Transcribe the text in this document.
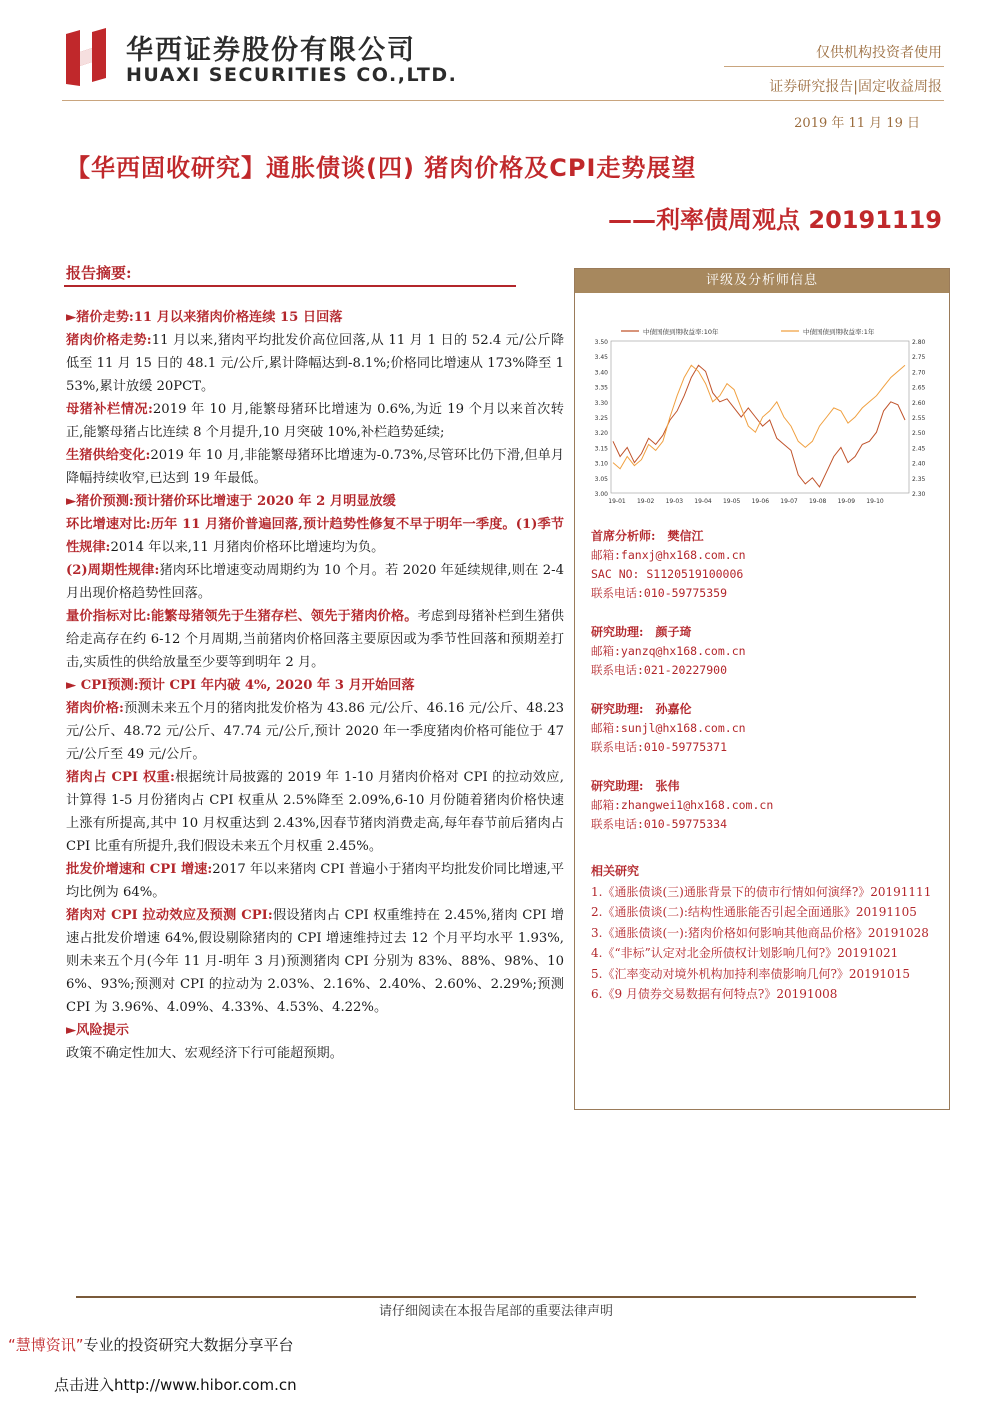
华西证券股份有限公司
HUAXI SECURITIES CO.,LTD.
仅供机构投资者使用
证券研究报告|固定收益周报
2019 年 11 月 19 日
【华西固收研究】通胀债谈(四) 猪肉价格及CPI走势展望
——利率债周观点 20191119
报告摘要:

►猪价走势:11 月以来猪肉价格连续 15 日回落

猪肉价格走势:11 月以来,猪肉平均批发价高位回落,从 11 月 1 日的 52.4 元/公斤降低至 11 月 15 日的 48.1 元/公斤,累计降幅达到-8.1%;价格同比增速从 173%降至 153%,累计放缓 20PCT。

母猪补栏情况:2019 年 10 月,能繁母猪环比增速为 0.6%,为近 19 个月以来首次转正,能繁母猪占比连续 8 个月提升,10 月突破 10%,补栏趋势延续;

生猪供给变化:2019 年 10 月,非能繁母猪环比增速为-0.73%,尽管环比仍下滑,但单月降幅持续收窄,已达到 19 年最低。

►猪价预测:预计猪价环比增速于 2020 年 2 月明显放缓

环比增速对比:历年 11 月猪价普遍回落,预计趋势性修复不早于明年一季度。(1)季节性规律:2014 年以来,11 月猪肉价格环比增速均为负。

(2)周期性规律:猪肉环比增速变动周期约为 10 个月。若 2020 年延续规律,则在 2-4 月出现价格趋势性回落。

量价指标对比:能繁母猪领先于生猪存栏、领先于猪肉价格。考虑到母猪补栏到生猪供给走高存在约 6-12 个月周期,当前猪肉价格回落主要原因或为季节性回落和预期差打击,实质性的供给放量至少要等到明年 2 月。

► CPI预测:预计 CPI 年内破 4%, 2020 年 3 月开始回落

猪肉价格:预测未来五个月的猪肉批发价格为 43.86 元/公斤、46.16 元/公斤、48.23 元/公斤、48.72 元/公斤、47.74 元/公斤,预计 2020 年一季度猪肉价格可能位于 47 元/公斤至 49 元/公斤。

猪肉占 CPI 权重:根据统计局披露的 2019 年 1-10 月猪肉价格对 CPI 的拉动效应,计算得 1-5 月份猪肉占 CPI 权重从 2.5%降至 2.09%,6-10 月份随着猪肉价格快速上涨有所提高,其中 10 月权重达到 2.43%,因春节猪肉消费走高,每年春节前后猪肉占 CPI 比重有所提升,我们假设未来五个月权重 2.45%。

批发价增速和 CPI 增速:2017 年以来猪肉 CPI 普遍小于猪肉平均批发价同比增速,平均比例为 64%。

猪肉对 CPI 拉动效应及预测 CPI:假设猪肉占 CPI 权重维持在 2.45%,猪肉 CPI 增速占批发价增速 64%,假设剔除猪肉的 CPI 增速维持过去 12 个月平均水平 1.93%,则未来五个月(今年 11 月-明年 3 月)预测猪肉 CPI 分别为 83%、88%、98%、106%、93%;预测对 CPI 的拉动为 2.03%、2.16%、2.40%、2.60%、2.29%;预测 CPI 为 3.96%、4.09%、4.33%、4.53%、4.22%。

►风险提示

政策不确定性加大、宏观经济下行可能超预期。

评级及分析师信息
3.50
3.45
3.40
3.35
3.30
3.25
3.20
3.15
3.10
3.05
3.00
2.80
2.75
2.70
2.65
2.60
2.55
2.50
2.45
2.40
2.35
2.30
19-01 19-02 19-03 19-04 19-05 19-06 19-07 19-08 19-09 19-10
中债国债到期收益率:10年	中债国债到期收益率:1年
首席分析师: 樊信江
邮箱:fanxj@hx168.com.cn
SAC NO: S1120519100006
联系电话:010-59775359
研究助理: 颜子琦
邮箱:yanzq@hx168.com.cn
联系电话:021-20227900
研究助理: 孙嘉伦
邮箱:sunjl@hx168.com.cn
联系电话:010-59775371
研究助理: 张伟
邮箱:zhangwei1@hx168.com.cn
联系电话:010-59775334
相关研究
1.《通胀债谈(三)通胀背景下的债市行情如何演绎?》20191111
2.《通胀债谈(二):结构性通胀能否引起全面通胀》20191105
3.《通胀债谈(一):猪肉价格如何影响其他商品价格》20191028
4.《“非标”认定对北金所债权计划影响几何?》20191021
5.《汇率变动对境外机构加持利率债影响几何?》20191015
6.《9 月债券交易数据有何特点?》20191008
请仔细阅读在本报告尾部的重要法律声明
“慧博资讯”专业的投资研究大数据分享平台
点击进入http://www.hibor.com.cn
